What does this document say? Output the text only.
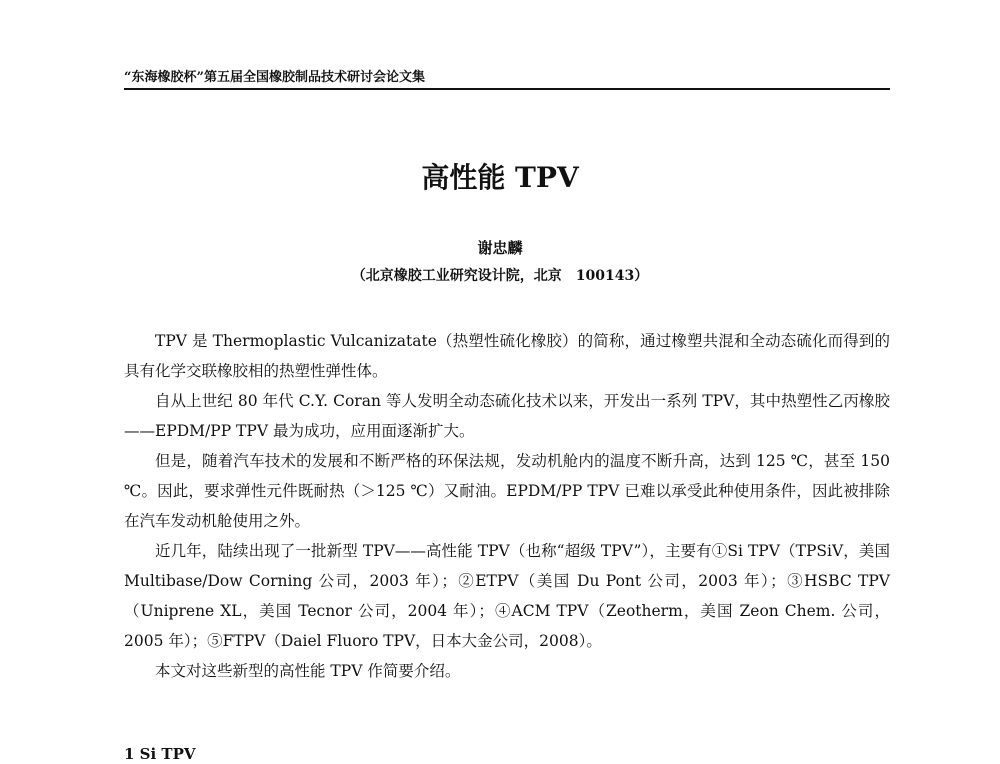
“东海橡胶杯”第五届全国橡胶制品技术研讨会论文集
高性能 TPV
谢忠麟
（北京橡胶工业研究设计院，北京　100143）

TPV 是 Thermoplastic Vulcanizatate（热塑性硫化橡胶）的简称，通过橡塑共混和全动态硫化而得到的具有化学交联橡胶相的热塑性弹性体。

自从上世纪 80 年代 C.Y. Coran 等人发明全动态硫化技术以来，开发出一系列 TPV，其中热塑性乙丙橡胶——EPDM/PP TPV 最为成功，应用面逐渐扩大。

但是，随着汽车技术的发展和不断严格的环保法规，发动机舱内的温度不断升高，达到 125 ℃，甚至 150 ℃。因此，要求弹性元件既耐热（＞125 ℃）又耐油。EPDM/PP TPV 已难以承受此种使用条件，因此被排除在汽车发动机舱使用之外。

近几年，陆续出现了一批新型 TPV——高性能 TPV（也称“超级 TPV”），主要有①Si TPV（TPSiV，美国 Multibase/Dow Corning 公司，2003 年）；②ETPV（美国 Du Pont 公司，2003 年）；③HSBC TPV（Uniprene XL，美国 Tecnor 公司，2004 年）；④ACM TPV（Zeotherm，美国 Zeon Chem. 公司，2005 年）；⑤FTPV（Daiel Fluoro TPV，日本大金公司，2008）。

本文对这些新型的高性能 TPV 作简要介绍。

1 Si TPV
